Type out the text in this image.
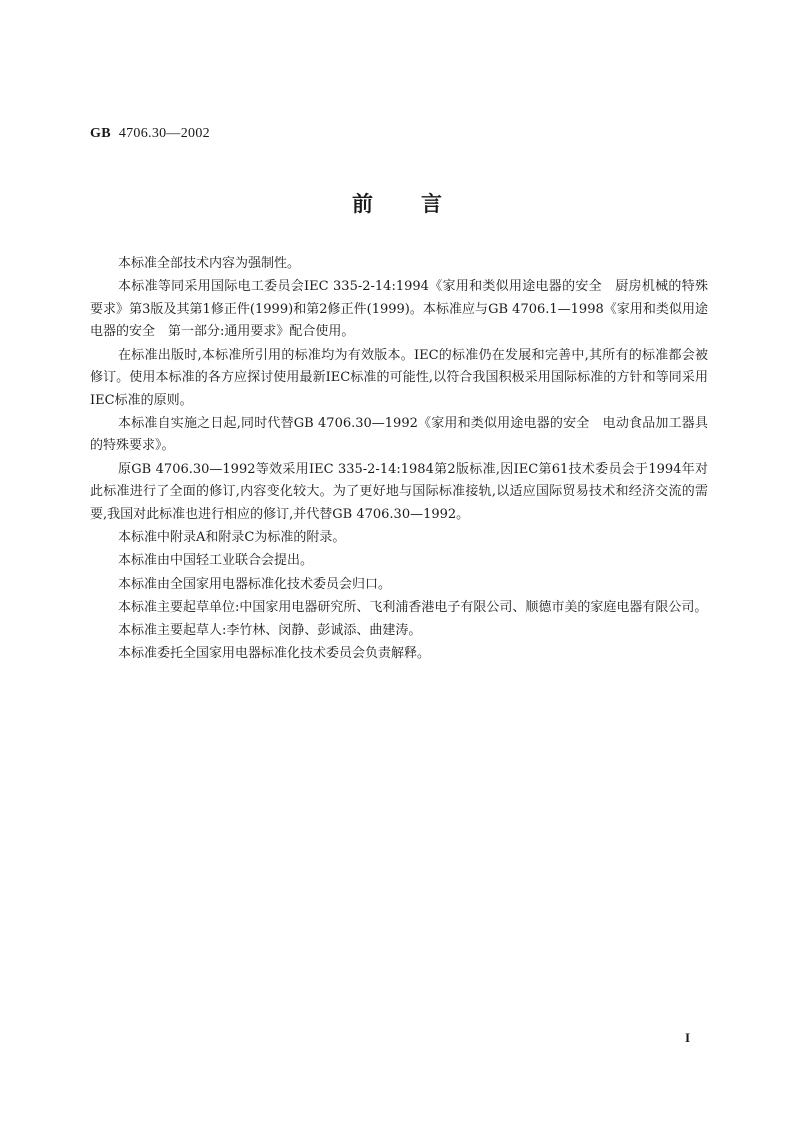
GB 4706.30—2002
前言

本标准全部技术内容为强制性。

本标准等同采用国际电工委员会IEC 335-2-14:1994《家用和类似用途电器的安全　厨房机械的特殊要求》第3版及其第1修正件(1999)和第2修正件(1999)。本标准应与GB 4706.1—1998《家用和类似用途电器的安全　第一部分:通用要求》配合使用。

在标准出版时,本标准所引用的标准均为有效版本。IEC的标准仍在发展和完善中,其所有的标准都会被修订。使用本标准的各方应探讨使用最新IEC标准的可能性,以符合我国积极采用国际标准的方针和等同采用IEC标准的原则。

本标准自实施之日起,同时代替GB 4706.30—1992《家用和类似用途电器的安全　电动食品加工器具的特殊要求》。

原GB 4706.30—1992等效采用IEC 335-2-14:1984第2版标准,因IEC第61技术委员会于1994年对此标准进行了全面的修订,内容变化较大。为了更好地与国际标准接轨,以适应国际贸易技术和经济交流的需要,我国对此标准也进行相应的修订,并代替GB 4706.30—1992。

本标准中附录A和附录C为标准的附录。

本标准由中国轻工业联合会提出。

本标准由全国家用电器标准化技术委员会归口。

本标准主要起草单位:中国家用电器研究所、飞利浦香港电子有限公司、顺德市美的家庭电器有限公司。

本标准主要起草人:李竹林、闵静、彭诚添、曲建涛。

本标准委托全国家用电器标准化技术委员会负责解释。

I
